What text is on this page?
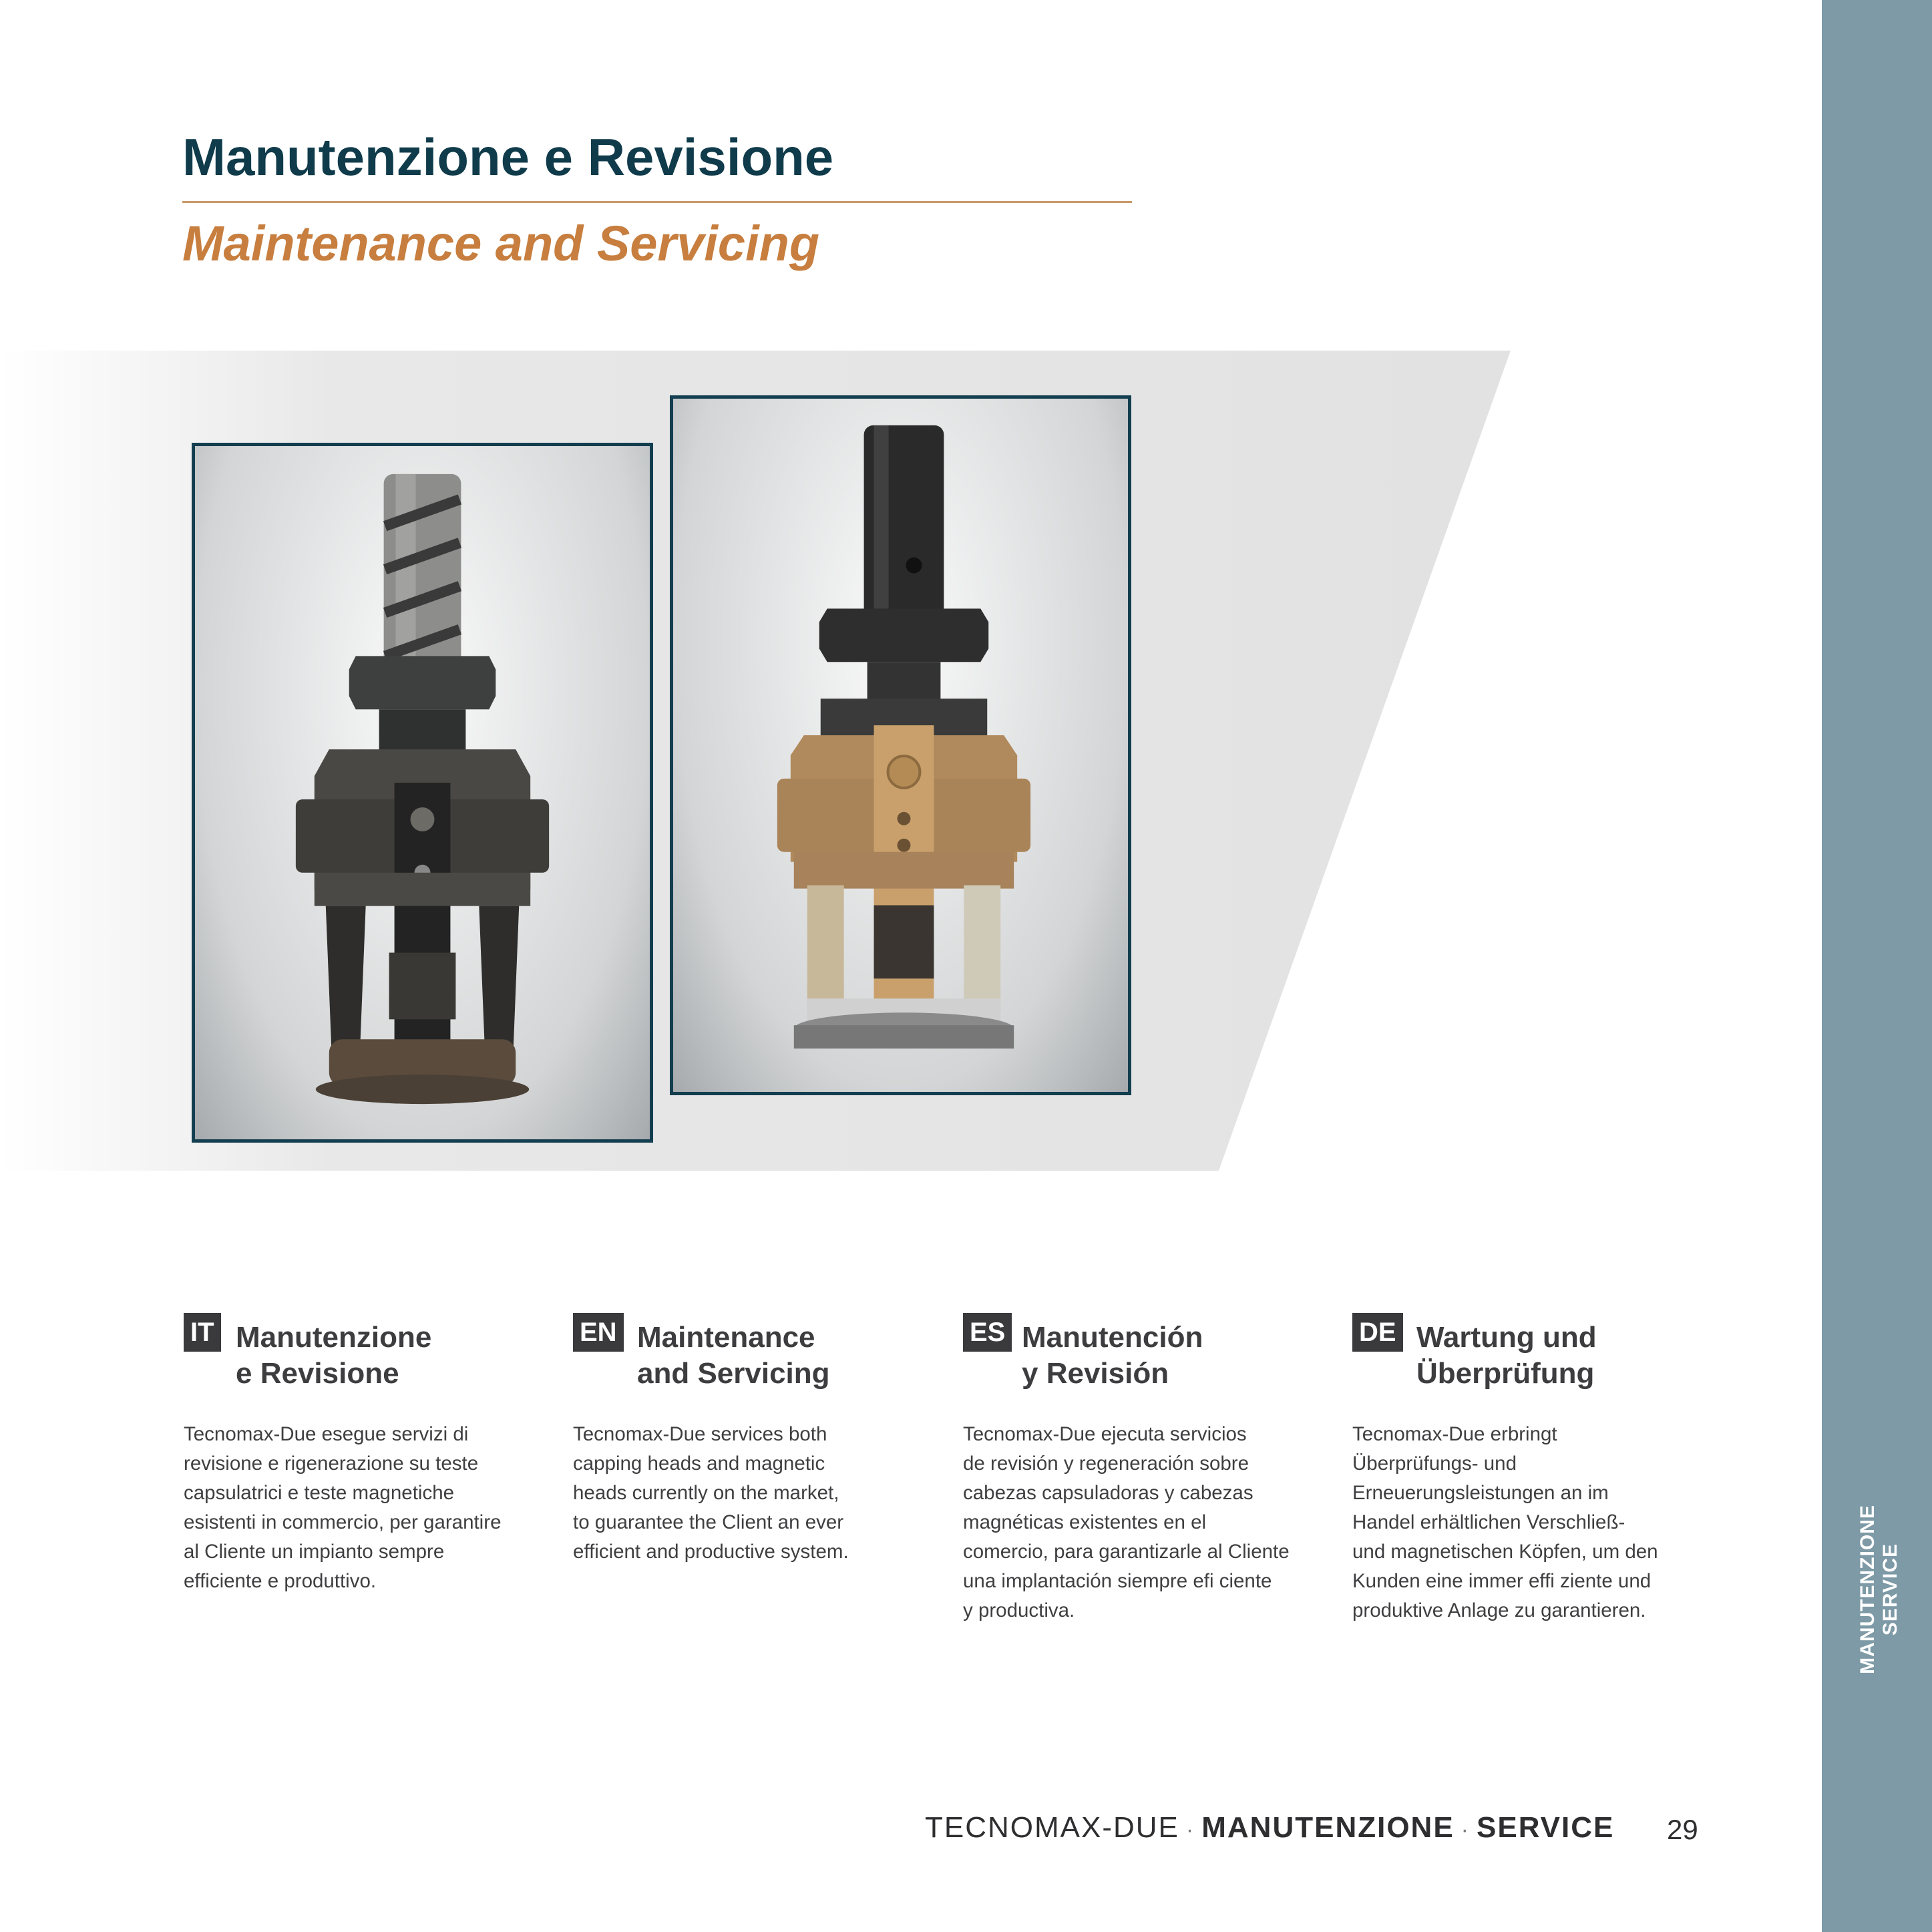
MANUTENZIONE SERVICE
Manutenzione e Revisione
Maintenance and Servicing
IT Manutenzione
e Revisione

Tecnomax-Due esegue servizi di
revisione e rigenerazione su teste
capsulatrici e teste magnetiche
esistenti in commercio, per garantire
al Cliente un impianto sempre
efficiente e produttivo.

EN Maintenance
and Servicing

Tecnomax-Due services both
capping heads and magnetic
heads currently on the market,
to guarantee the Client an ever
efficient and productive system.

ES Manutención
y Revisión

Tecnomax-Due ejecuta servicios
de revisión y regeneración sobre
cabezas capsuladoras y cabezas
magnéticas existentes en el
comercio, para garantizarle al Cliente
una implantación siempre efi ciente
y productiva.

DE Wartung und
Überprüfung

Tecnomax-Due erbringt
Überprüfungs- und
Erneuerungsleistungen an im
Handel erhältlichen Verschließ-
und magnetischen Köpfen, um den
Kunden eine immer effi ziente und
produktive Anlage zu garantieren.

TECNOMAX-DUE · MANUTENZIONE · SERVICE 29
